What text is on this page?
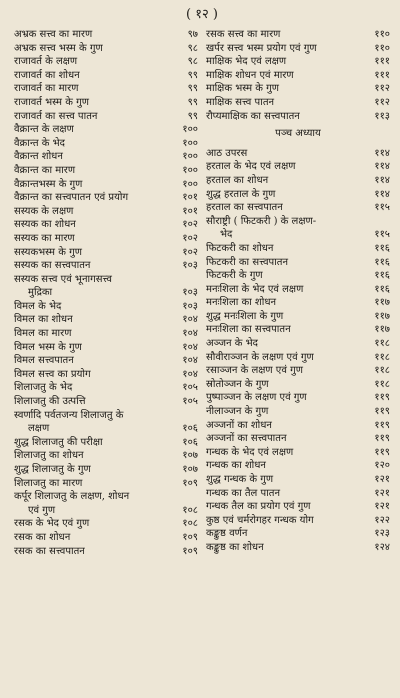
( १२ )
अभ्रक सत्त्व का मारण	९७
अभ्रक सत्त्व भस्म के गुण	९८
राजावर्त के लक्षण	९८
राजावर्त का शोधन	९९
राजावर्त का मारण	९९
राजावर्त भस्म के गुण	९९
राजावर्त का सत्त्व पातन	९९
वैक्रान्त के लक्षण	१००
वैक्रान्त के भेद	१००
वैक्रान्त शोधन	१००
वैक्रान्त का मारण	१००
वैक्रान्तभस्म के गुण	१००
वैक्रान्त का सत्त्वपातन एवं प्रयोग	१०१
सस्यक के लक्षण	१०१
सस्यक का शोधन	१०२
सस्यक का मारण	१०२
सस्यकभस्म के गुण	१०२
सस्यक का सत्त्वपातन	१०३
सस्यक सत्त्व एवं भूनागसत्त्व
मुद्रिका	१०३
विमल के भेद	१०३
विमल का शोधन	१०४
विमल का मारण	१०४
विमल भस्म के गुण	१०४
विमल सत्त्वपातन	१०४
विमल सत्त्व का प्रयोग	१०४
शिलाजतु के भेद	१०५
शिलाजतु की उत्पत्ति	१०५
स्वर्णादि पर्वतजन्य शिलाजतु के
लक्षण	१०६
शुद्ध शिलाजतु की परीक्षा	१०६
शिलाजतु का शोधन	१०७
शुद्ध शिलाजतु के गुण	१०७
शिलाजतु का मारण	१०९
कर्पूर शिलाजतु के लक्षण, शोधन
एवं गुण	१०८
रसक के भेद एवं गुण	१०८
रसक का शोधन	१०९
रसक का सत्त्वपातन	१०९
रसक सत्त्व का मारण	११०
खर्पर सत्त्व भस्म प्रयोग एवं गुण	११०
माक्षिक भेद एवं लक्षण	१११
माक्षिक शोधन एवं मारण	१११
माक्षिक भस्म के गुण	११२
माक्षिक सत्त्व पातन	११२
रौप्यमाक्षिक का सत्त्वपातन	११३
पञ्च अध्याय
आठ उपरस	११४
हरताल के भेद एवं लक्षण	११४
हरताल का शोधन	११४
शुद्ध हरताल के गुण	११४
हरताल का सत्त्वपातन	११५
सौराष्ट्री ( फिटकरी ) के लक्षण-
भेद	११५
फिटकरी का शोधन	११६
फिटकरी का सत्त्वपातन	११६
फिटकरी के गुण	११६
मनःशिला के भेद एवं लक्षण	११६
मनःशिला का शोधन	११७
शुद्ध मनःशिला के गुण	११७
मनःशिला का सत्त्वपातन	११७
अञ्जन के भेद	११८
सौवीराञ्जन के लक्षण एवं गुण	११८
रसाञ्जन के लक्षण एवं गुण	११८
स्रोतोञ्जन के गुण	११८
पुष्पाञ्जन के लक्षण एवं गुण	११९
नीलाञ्जन के गुण	११९
अञ्जनों का शोधन	११९
अञ्जनों का सत्त्वपातन	११९
गन्धक के भेद एवं लक्षण	११९
गन्धक का शोधन	१२०
शुद्ध गन्धक के गुण	१२१
गन्धक का तैल पातन	१२१
गन्धक तैल का प्रयोग एवं गुण	१२१
कुष्ठ एवं चर्मरोगहर गन्धक योग	१२२
कङ्कुष्ठ वर्णन	१२३
कङ्कुष्ठ का शोधन	१२४
